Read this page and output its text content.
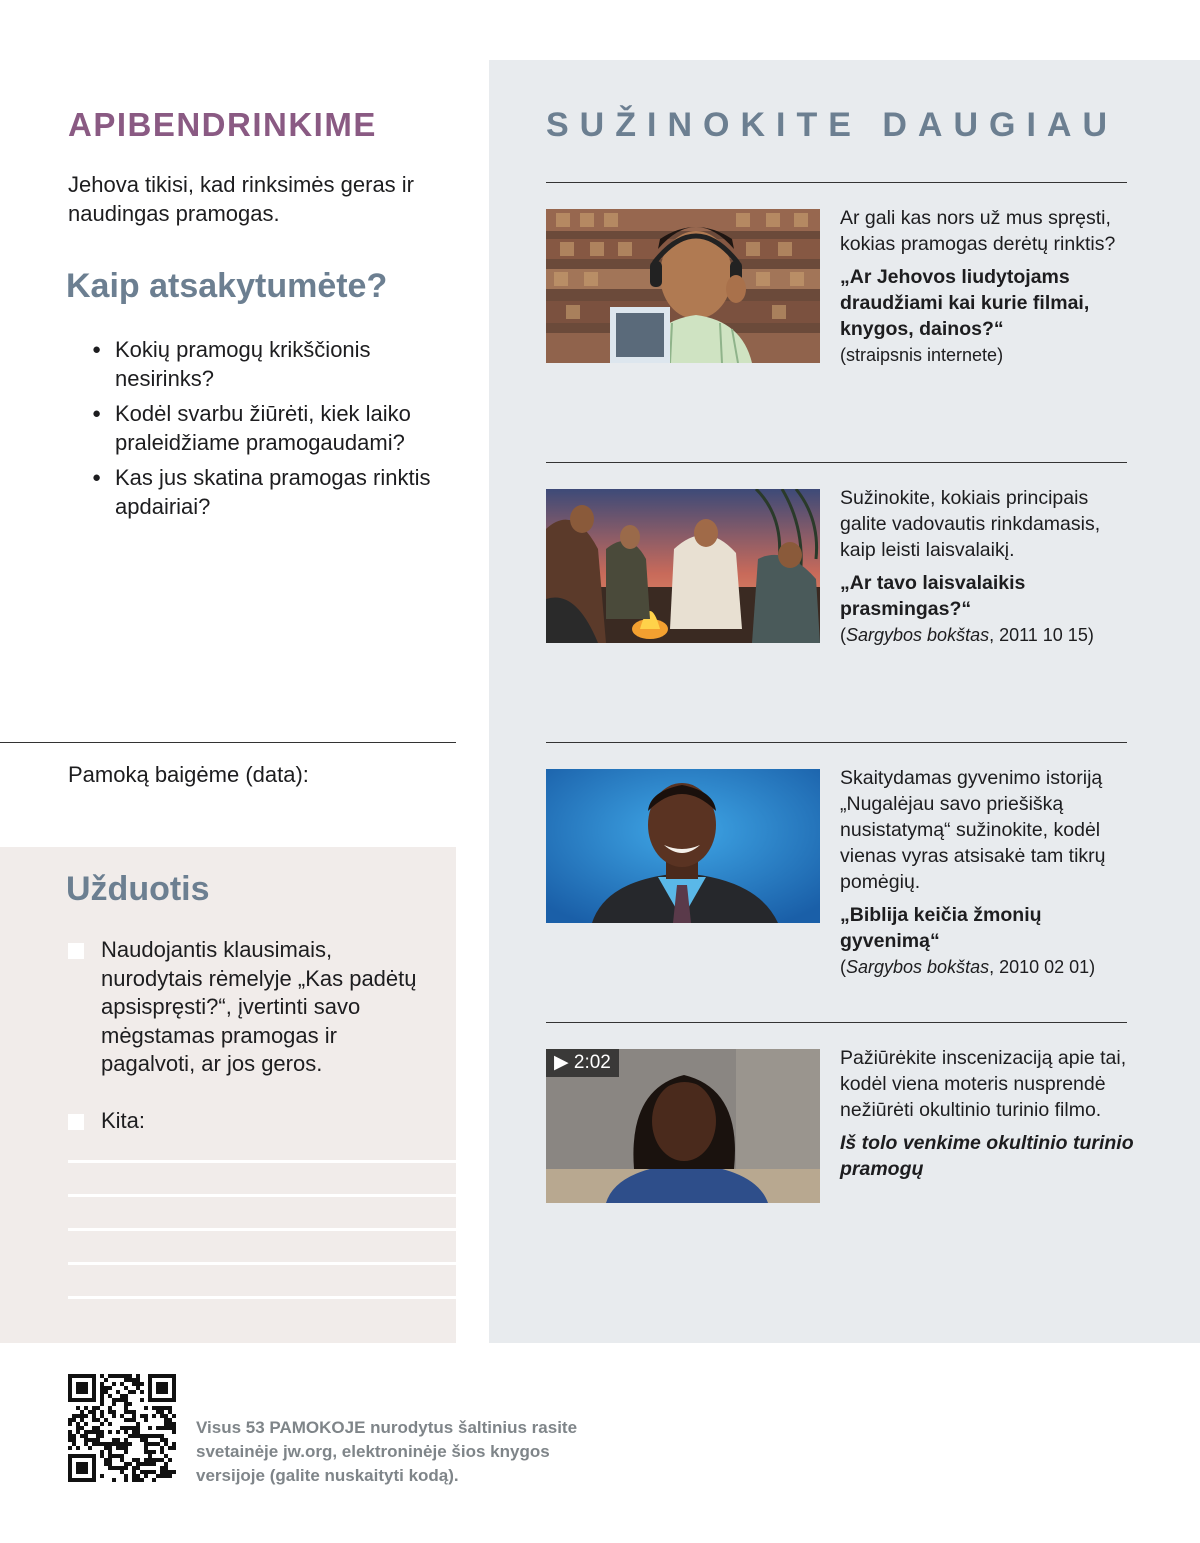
APIBENDRINKIME

Jehova tikisi, kad rinksimės geras ir naudingas pramogas.

Kaip atsakytumėte?
● Kokių pramogų krikščionis nesirinks?
● Kodėl svarbu žiūrėti, kiek laiko praleidžiame pramogaudami?
● Kas jus skatina pramogas rinktis apdairiai?
Pamoką baigėme (data):
Užduotis
Naudojantis klausimais, nurodytais rėmelyje „Kas padėtų apsispręsti?“, įvertinti savo mėgstamas pramogas ir pagalvoti, ar jos geros.
Kita:
SUŽINOKITE DAUGIAU
Ar gali kas nors už mus spręsti, kokias pramogas derėtų rinktis?
„Ar Jehovos liudytojams draudžiami kai kurie filmai, knygos, dainos?“
(straipsnis internete)
Sužinokite, kokiais principais galite vadovautis rinkdamasis, kaip leisti laisvalaikį.
„Ar tavo laisvalaikis prasmingas?“
(Sargybos bokštas, 2011 10 15)
Skaitydamas gyvenimo istoriją „Nugalėjau savo priešišką nusistatymą“ sužinokite, kodėl vienas vyras atsisakė tam tikrų pomėgių.
„Biblija keičia žmonių gyvenimą“
(Sargybos bokštas, 2010 02 01)
▶ 2:02	Pažiūrėkite inscenizaciją apie tai, kodėl viena moteris nusprendė nežiūrėti okultinio turinio filmo.
Iš tolo venkime okultinio turinio pramogų

Visus 53 PAMOKOJE nurodytus šaltinius rasite svetainėje jw.org, elektroninėje šios knygos versijoje (galite nuskaityti kodą).
